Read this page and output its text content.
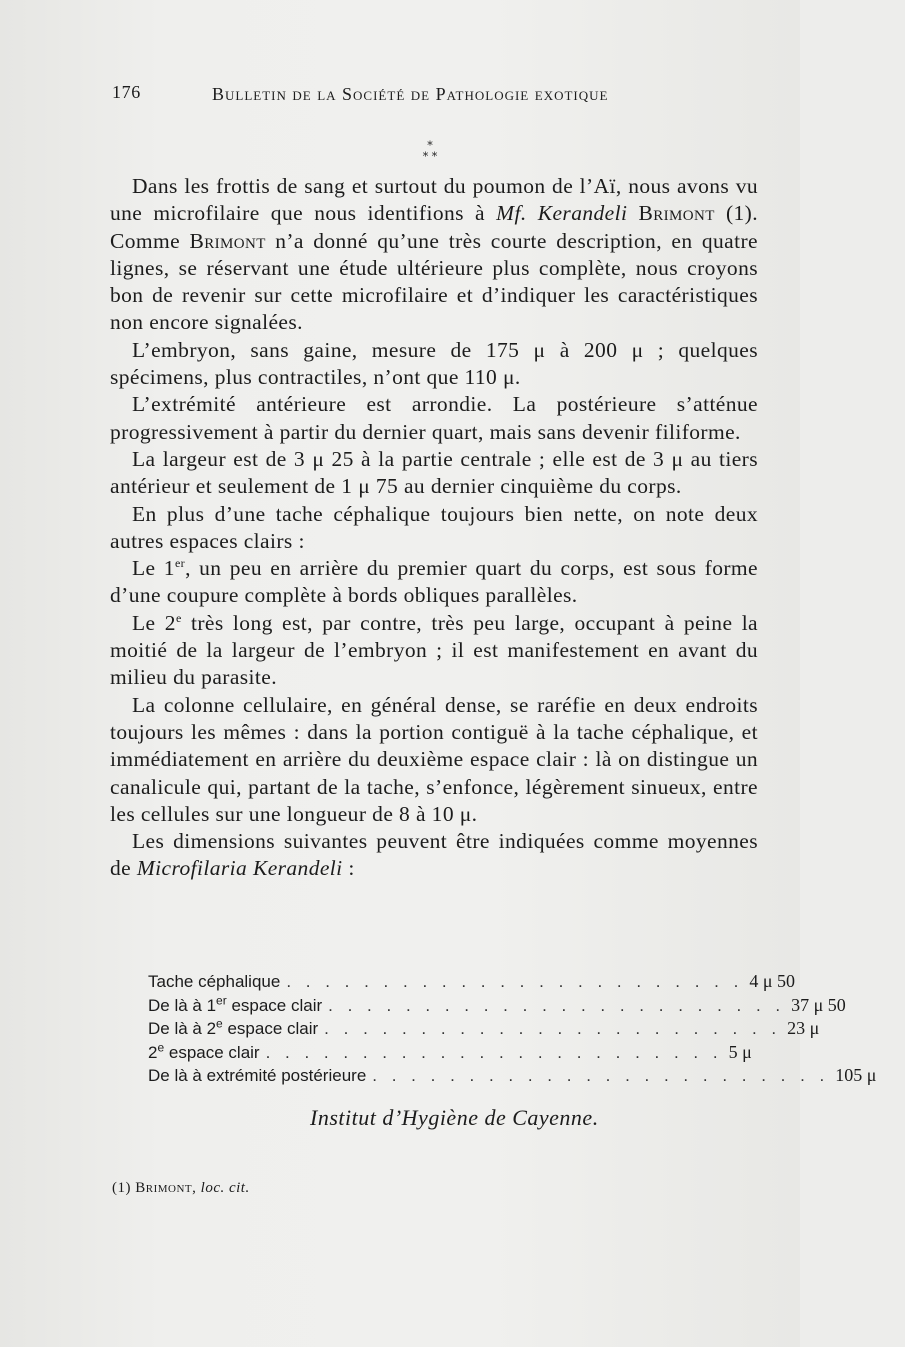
176	Bulletin de la Société de Pathologie exotique
*
* *

Dans les frottis de sang et surtout du poumon de l’Aï, nous avons vu une microfilaire que nous identifions à Mf. Kerandeli Brimont (1). Comme Brimont n’a donné qu’une très courte description, en quatre lignes, se réservant une étude ultérieure plus complète, nous croyons bon de revenir sur cette microfilaire et d’indiquer les caractéristiques non encore signalées.

L’embryon, sans gaine, mesure de 175 μ à 200 μ ; quelques spécimens, plus contractiles, n’ont que 110 μ.

L’extrémité antérieure est arrondie. La postérieure s’atténue progressivement à partir du dernier quart, mais sans devenir filiforme.

La largeur est de 3 μ 25 à la partie centrale ; elle est de 3 μ au tiers antérieur et seulement de 1 μ 75 au dernier cinquième du corps.

En plus d’une tache céphalique toujours bien nette, on note deux autres espaces clairs :

Le 1er, un peu en arrière du premier quart du corps, est sous forme d’une coupure complète à bords obliques parallèles.

Le 2e très long est, par contre, très peu large, occupant à peine la moitié de la largeur de l’embryon ; il est manifestement en avant du milieu du parasite.

La colonne cellulaire, en général dense, se raréfie en deux endroits toujours les mêmes : dans la portion contiguë à la tache céphalique, et immédiatement en arrière du deuxième espace clair : là on distingue un canalicule qui, partant de la tache, s’enfonce, légèrement sinueux, entre les cellules sur une longueur de 8 à 10 μ.

Les dimensions suivantes peuvent être indiquées comme moyennes de Microfilaria Kerandeli :

Tache céphalique . . . . . . . . . . . . . . . . . . . . . . . . 4 μ 50
De là à 1er espace clair . . . . . . . . . . . . . . . . . . . . . . . . 37 μ 50
De là à 2e espace clair . . . . . . . . . . . . . . . . . . . . . . . . 23 μ
2e espace clair . . . . . . . . . . . . . . . . . . . . . . . . 5 μ
De là à extrémité postérieure . . . . . . . . . . . . . . . . . . . . . . . . 105 μ
Institut d’Hygiène de Cayenne.
(1) Brimont, loc. cit.
